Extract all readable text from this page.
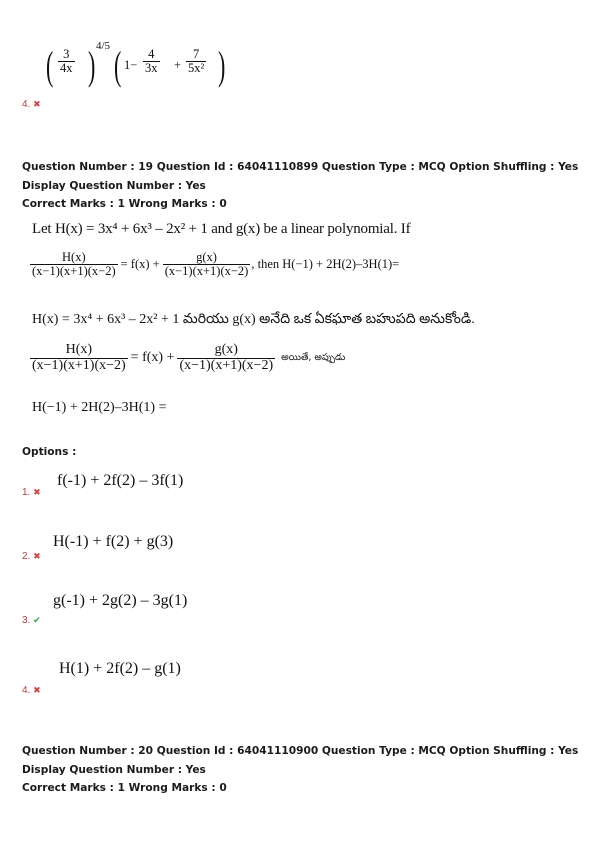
( $\frac{3}{4x}$ ) 4/5 ( $1- \frac{4}{3x} + \frac{7}{\text{5x²}}$ )
4. ✖
Question Number : 19 Question Id : 64041110899 Question Type : MCQ Option Shuffling : Yes
Display Question Number : Yes
Correct Marks : 1 Wrong Marks : 0
Let H(x) = 3x⁴ + 6x³ – 2x² + 1 and g(x) be a linear polynomial. If
$\frac{H(x)}{(x-1)(x+1)(x-2)} = f(x) + \frac{g(x)}{(x-1)(x+1)(x-2)}$ , then H(−1) + 2H(2)–3H(1)=
H(x) = 3x⁴ + 6x³ – 2x² + 1 మరియు g(x) అనేది ఒక ఏకఘాత బహుపది అనుకోండి.
$\frac{H(x)}{(x-1)(x+1)(x-2)} = f(x) + \frac{g(x)}{(x-1)(x+1)(x-2)}$ అయితే, అప్పుడు
H(−1) + 2H(2)–3H(1) =
Options :
f(-1) + 2f(2) – 3f(1)
1. ✖
H(-1) + f(2) + g(3)
2. ✖
g(-1) + 2g(2) – 3g(1)
3. ✔
H(1) + 2f(2) – g(1)
4. ✖
Question Number : 20 Question Id : 64041110900 Question Type : MCQ Option Shuffling : Yes
Display Question Number : Yes
Correct Marks : 1 Wrong Marks : 0
